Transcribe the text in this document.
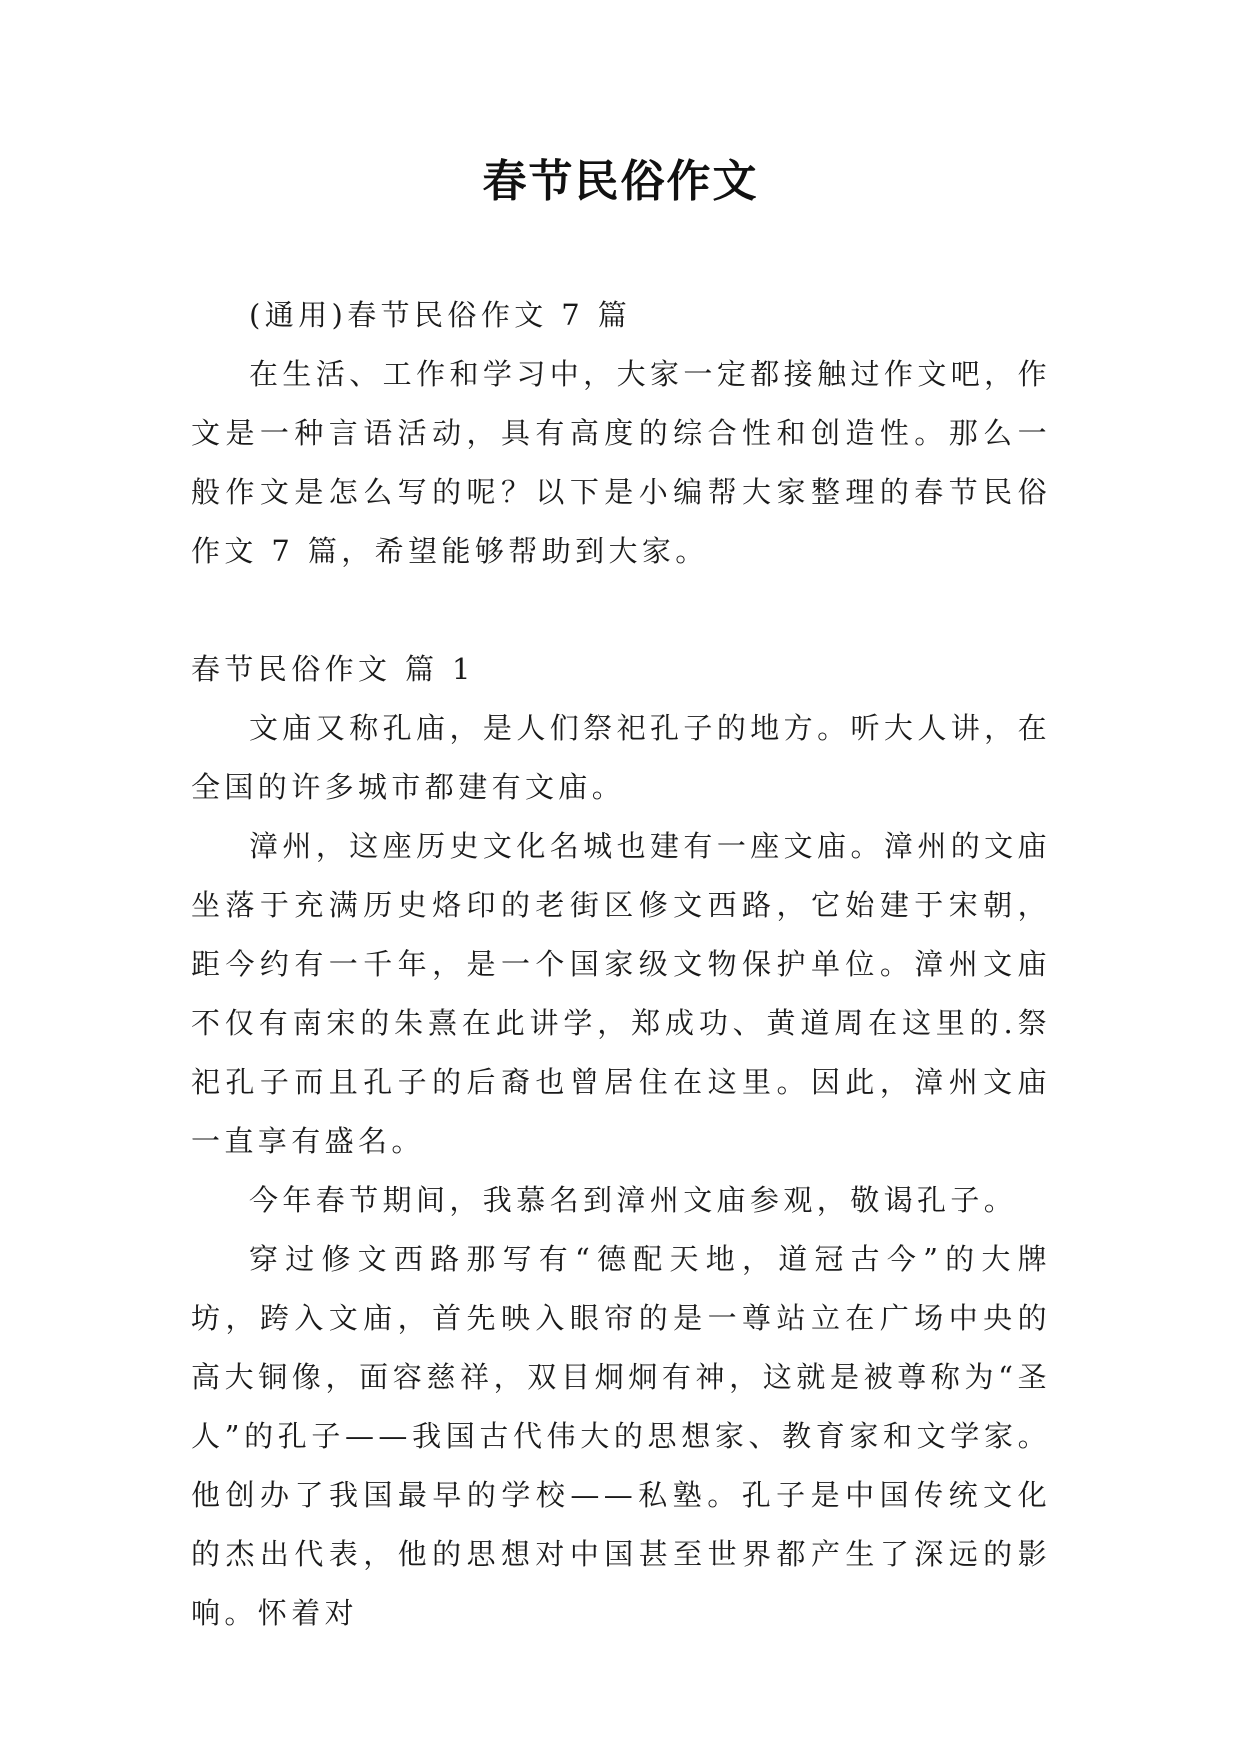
春节民俗作文

(通用)春节民俗作文 7 篇

在生活、工作和学习中，大家一定都接触过作文吧，作文是一种言语活动，具有高度的综合性和创造性。那么一般作文是怎么写的呢？以下是小编帮大家整理的春节民俗作文 7 篇，希望能够帮助到大家。

春节民俗作文 篇 1

文庙又称孔庙，是人们祭祀孔子的地方。听大人讲，在全国的许多城市都建有文庙。

漳州，这座历史文化名城也建有一座文庙。漳州的文庙坐落于充满历史烙印的老街区修文西路，它始建于宋朝，距今约有一千年，是一个国家级文物保护单位。漳州文庙不仅有南宋的朱熹在此讲学，郑成功、黄道周在这里的.祭祀孔子而且孔子的后裔也曾居住在这里。因此，漳州文庙一直享有盛名。

今年春节期间，我慕名到漳州文庙参观，敬谒孔子。

穿过修文西路那写有“德配天地，道冠古今”的大牌坊，跨入文庙，首先映入眼帘的是一尊站立在广场中央的高大铜像，面容慈祥，双目炯炯有神，这就是被尊称为“圣人”的孔子——我国古代伟大的思想家、教育家和文学家。他创办了我国最早的学校——私塾。孔子是中国传统文化的杰出代表，他的思想对中国甚至世界都产生了深远的影响。怀着对
